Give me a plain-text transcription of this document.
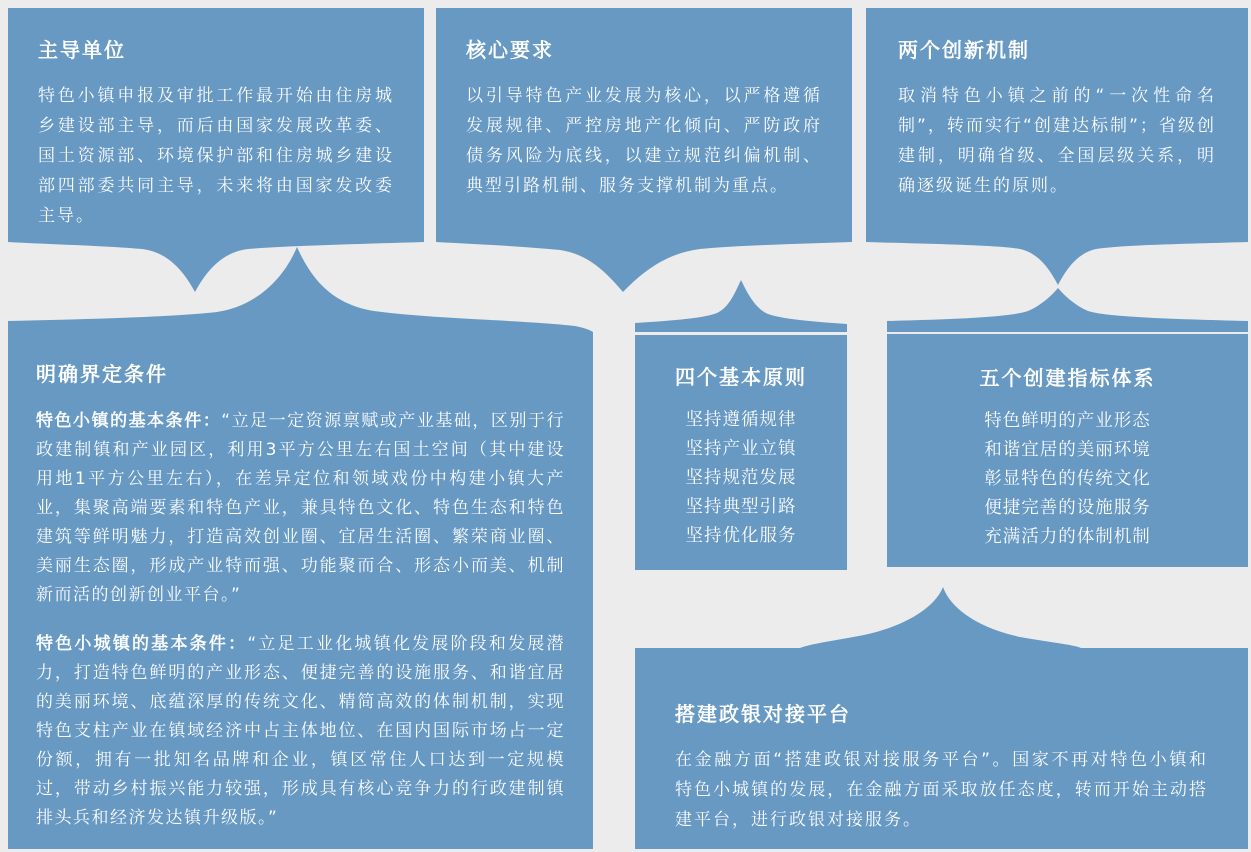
主导单位
特色小镇申报及审批工作最开始由住房城乡建设部主导，而后由国家发展改革委、国土资源部、环境保护部和住房城乡建设部四部委共同主导，未来将由国家发改委主导。
核心要求
以引导特色产业发展为核心，以严格遵循发展规律、严控房地产化倾向、严防政府债务风险为底线，以建立规范纠偏机制、典型引路机制、服务支撑机制为重点。
两个创新机制
取消特色小镇之前的“一次性命名制”，转而实行“创建达标制”；省级创建制，明确省级、全国层级关系，明确逐级诞生的原则。
明确界定条件
特色小镇的基本条件：“立足一定资源禀赋或产业基础，区别于行政建制镇和产业园区，利用3平方公里左右国土空间（其中建设用地1平方公里左右），在差异定位和领域戏份中构建小镇大产业，集聚高端要素和特色产业，兼具特色文化、特色生态和特色建筑等鲜明魅力，打造高效创业圈、宜居生活圈、繁荣商业圈、美丽生态圈，形成产业特而强、功能聚而合、形态小而美、机制新而活的创新创业平台。”
特色小城镇的基本条件：“立足工业化城镇化发展阶段和发展潜力，打造特色鲜明的产业形态、便捷完善的设施服务、和谐宜居的美丽环境、底蕴深厚的传统文化、精简高效的体制机制，实现特色支柱产业在镇域经济中占主体地位、在国内国际市场占一定份额，拥有一批知名品牌和企业，镇区常住人口达到一定规模过，带动乡村振兴能力较强，形成具有核心竞争力的行政建制镇排头兵和经济发达镇升级版。”
四个基本原则
坚持遵循规律
坚持产业立镇
坚持规范发展
坚持典型引路
坚持优化服务
五个创建指标体系
特色鲜明的产业形态
和谐宜居的美丽环境
彰显特色的传统文化
便捷完善的设施服务
充满活力的体制机制
搭建政银对接平台
在金融方面“搭建政银对接服务平台”。国家不再对特色小镇和特色小城镇的发展，在金融方面采取放任态度，转而开始主动搭建平台，进行政银对接服务。
